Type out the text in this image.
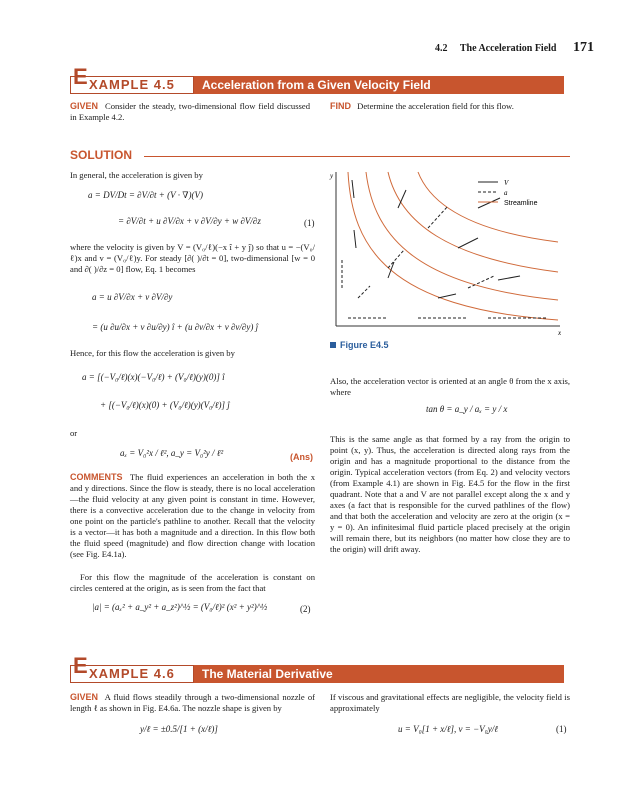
4.2 The Acceleration Field 171
E XAMPLE 4.5	Acceleration from a Given Velocity Field
GIVEN Consider the steady, two-dimensional flow field discussed in Example 4.2.
FIND Determine the acceleration field for this flow.
SOLUTION
In general, the acceleration is given by
a = DV/Dt = ∂V/∂t + (V · ∇)(V)
= ∂V/∂t + u ∂V/∂x + v ∂V/∂y + w ∂V/∂z	(1)
where the velocity is given by V = (V₀/ℓ)(−x î + y ĵ) so that u = −(V₀/ℓ)x and v = (V₀/ℓ)y. For steady [∂( )/∂t = 0], two-dimensional [w = 0 and ∂( )/∂z = 0] flow, Eq. 1 becomes
a = u ∂V/∂x + v ∂V/∂y
= (u ∂u/∂x + v ∂u/∂y) î + (u ∂v/∂x + v ∂v/∂y) ĵ
Hence, for this flow the acceleration is given by
a = [(−V₀/ℓ)(x)(−V₀/ℓ) + (V₀/ℓ)(y)(0)] î
+ [(−V₀/ℓ)(x)(0) + (V₀/ℓ)(y)(V₀/ℓ)] ĵ
or
aₓ = V₀²x / ℓ², a_y = V₀²y / ℓ²	(Ans)
COMMENTS The fluid experiences an acceleration in both the x and y directions. Since the flow is steady, there is no local acceleration—the fluid velocity at any given point is constant in time. However, there is a convective acceleration due to the change in velocity from one point on the particle's pathline to another. Recall that the velocity is a vector—it has both a magnitude and a direction. In this flow both the fluid speed (magnitude) and flow direction change with location (see Fig. E4.1a).
For this flow the magnitude of the acceleration is constant on circles centered at the origin, as is seen from the fact that
|a| = (aₓ² + a_y² + a_z²)^½ = (V₀/ℓ)² (x² + y²)^½	(2)
V
a
Streamline
y
x
Figure E4.5
Also, the acceleration vector is oriented at an angle θ from the x axis, where
tan θ = a_y / aₓ = y / x
This is the same angle as that formed by a ray from the origin to point (x, y). Thus, the acceleration is directed along rays from the origin and has a magnitude proportional to the distance from the origin. Typical acceleration vectors (from Eq. 2) and velocity vectors (from Example 4.1) are shown in Fig. E4.5 for the flow in the first quadrant. Note that a and V are not parallel except along the x and y axes (a fact that is responsible for the curved pathlines of the flow) and that both the acceleration and velocity are zero at the origin (x = y = 0). An infinitesimal fluid particle placed precisely at the origin will remain there, but its neighbors (no matter how close they are to the origin) will drift away.
E XAMPLE 4.6	The Material Derivative
GIVEN A fluid flows steadily through a two-dimensional nozzle of length ℓ as shown in Fig. E4.6a. The nozzle shape is given by
y/ℓ = ±0.5/[1 + (x/ℓ)]
If viscous and gravitational effects are negligible, the velocity field is approximately
u = V₀[1 + x/ℓ], v = −V₀y/ℓ	(1)
